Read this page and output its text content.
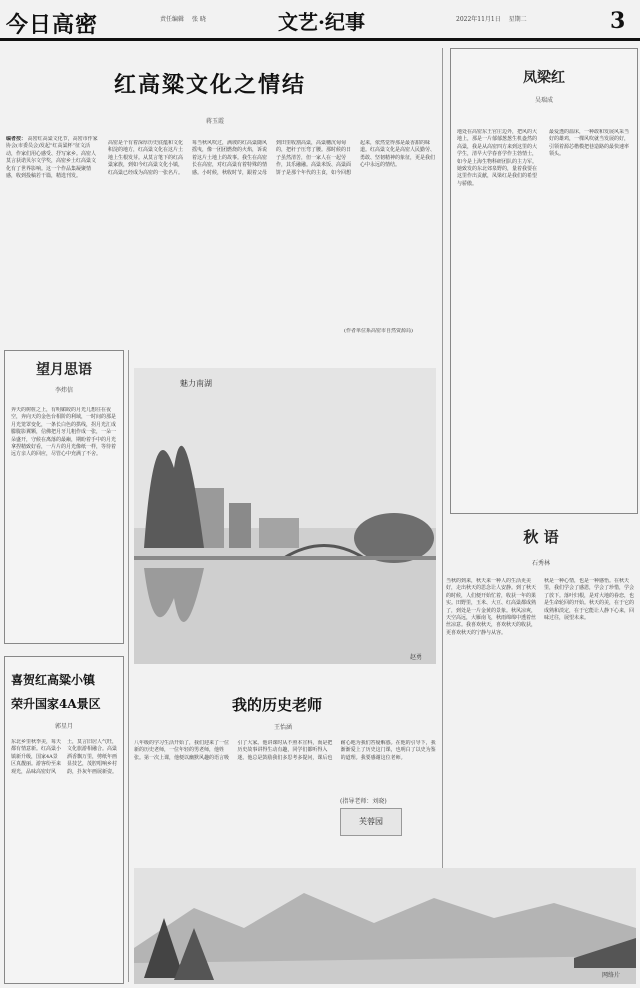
今日高密	责任编辑 张 晓	文艺·纪事	2022年11月1日 星期二	3
红高粱文化之情结
蒋玉霞
编者按： 高密红高粱文化节，高密市作家协会(市委员会)发起“红高粱杯”征文活动，作家们用心感受、抒写家乡。高密人莫言获诺贝尔文学奖，高密乡土红高粱文化有了世界影响。这一个作品集凝聚情感，收到投稿若干篇，精选刊发。
高密是个有着深厚历史底蕴和文化积淀的地方，红高粱文化在这片土地上生根发芽。从莫言笔下的红高粱家族，到如今红高粱文化小镇，红高粱已经成为高密的一张名片。每当秋风吹过，满坡的红高粱随风摇曳，像一团团燃烧的火焰，诉说着这片土地上的故事。我生在高密长在高密，对红高粱有着特殊的情感。小时候，秋收时节，跟着父母到田里收割高粱，高粱穗沉甸甸的，把秆子压弯了腰。那时候的日子虽然清苦，但一家人在一起劳作，其乐融融。高粱米饭、高粱面饼子是那个年代的主食，如今回想起来，依然觉得那是最香甜的味道。红高粱文化是高密人民勤劳、勇敢、坚韧精神的象征，更是我们心中永远的情结。
(作者单位系高密市自然资源局)
凤梁红
吴瑞成
地处在高密东王官庄边外，把风的大地上，那是一片郁郁葱葱生机盎然的高粱，我是从高密四方来到这里的大学生，清早大学春喜学作主勃情士，如今是上海生物科研团队的主力军。她致发的东北郊泉野的，量着我要在这里作出贡献，凤梁红是我们的希望与骄傲。
最爱透的温床，一种敢和发展风采当好的雄鸡，一棵风吹就当发展的好，引领着源芯楷模把巷造路的最快速率领头。
望月思语
李炜信
奔天的树桩之上，有明媚皎的月光儿想往在夜空，奔向天的金色台相阶的利域，一时间的那是月光笼罩变化，一条长白色的拱线，拐月光汇成朦胧影翼颗，信佛把月牙儿粗作成一张，一朵一朵盛开，守候在离落的最巅，期盼着手中的月光拿捏精致好看，一片片的月光像纸一样，等待着远方亲人的回应，尽管心中充满了不舍。
魅力南湖
赵勇
喜贺红高粱小镇
荣升国家4A景区
郭星月
东北乡里秋季美，每天都有情意新。红高粱小镇新升级，国家4A景区真靓丽。游客纷至来观光，品味高密好风土，莫言旧居人气旺，文化旅游相融合。高粱酒香飘万里，剪纸年画显技艺，茂腔唱响乡村韵，扑灰年画展新姿。
我的历史老师
王怡涵
八年级的学习生活开始了，我们迎来了一位新的历史老师，一位年轻的男老师，他姓张。第一次上课，他便以幽默风趣的语言吸引了大家。他讲课时从不照本宣科，而是把历史故事讲得生动有趣，同学们都听得入迷。他总是鼓励我们多思考多提问，课后也耐心地为我们答疑解惑。在他的引导下，我渐渐爱上了历史这门课，也明白了以史为鉴的道理。我要感谢这位老师。
(指导老师：刘晓)
芙蓉园
秋 语
石秀林
当秋的到来，秋天来一种人的生活更美好，走出秋天的思念让人安静。到了秋天的时候，人们便开始忙着，收获一年的果实。田野里，玉米、大豆、红高粱都成熟了，到处是一片金黄的景象。秋风凉爽，天空高远，大雁南飞，秋雨绵绵中透着丝丝凉意。我喜欢秋天，喜欢秋天的收获，更喜欢秋天的宁静与从容。
秋是一种心情，也是一种感悟。在秋天里，我们学会了感恩，学会了珍惜，学会了放下。落叶归根，是对大地的眷恋，也是生命轮回的开始。秋天的美，在于它的成熟和淡定，在于它能让人静下心来，回味过往，展望未来。
网络片
